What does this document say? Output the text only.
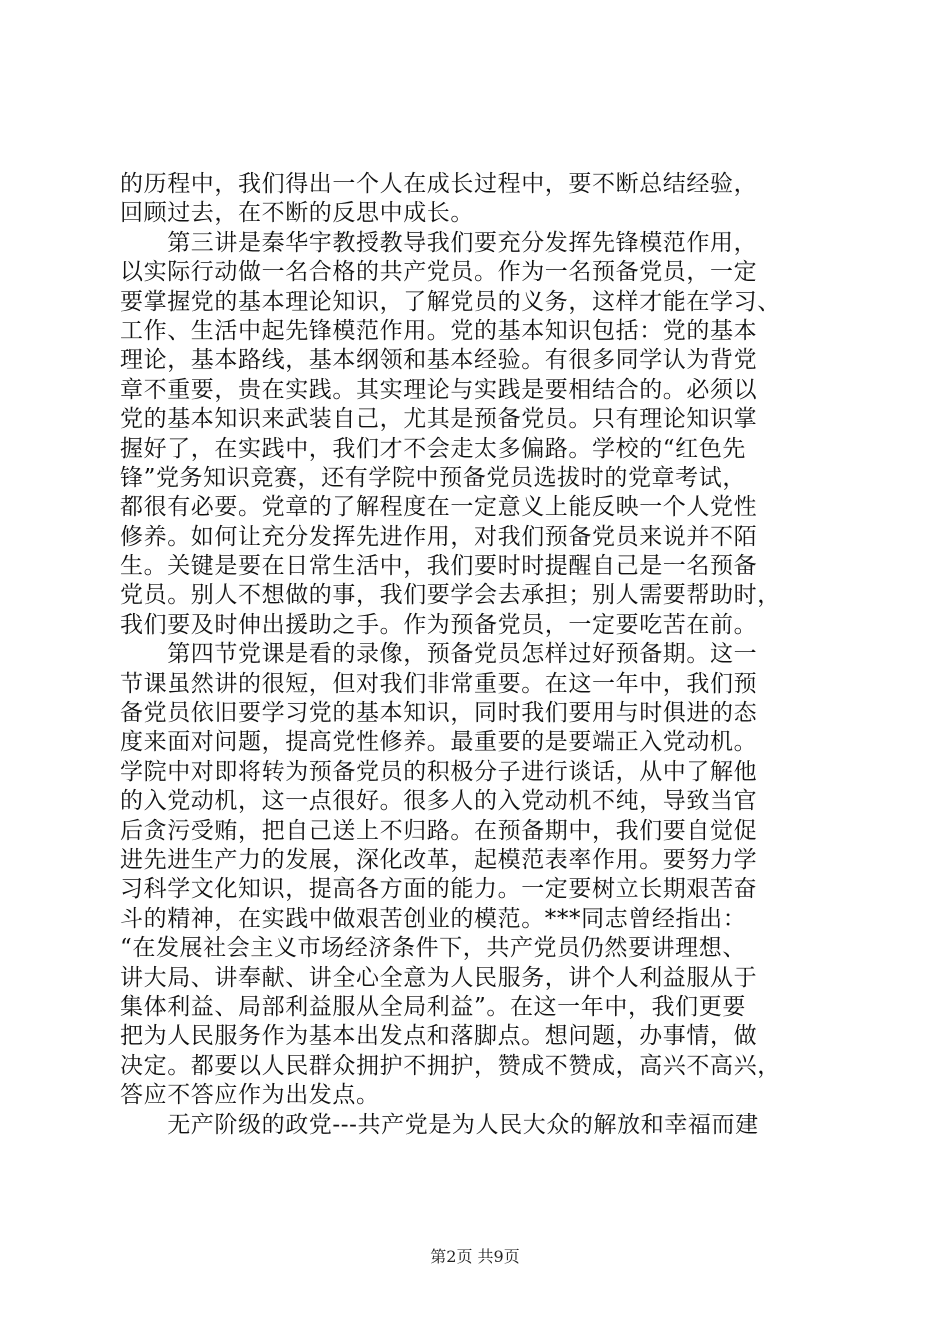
的历程中，我们得出一个人在成长过程中，要不断总结经验，
回顾过去，在不断的反思中成长。
　　第三讲是秦华宇教授教导我们要充分发挥先锋模范作用，
以实际行动做一名合格的共产党员。作为一名预备党员，一定
要掌握党的基本理论知识，了解党员的义务，这样才能在学习、
工作、生活中起先锋模范作用。党的基本知识包括：党的基本
理论，基本路线，基本纲领和基本经验。有很多同学认为背党
章不重要，贵在实践。其实理论与实践是要相结合的。必须以
党的基本知识来武装自己，尤其是预备党员。只有理论知识掌
握好了，在实践中，我们才不会走太多偏路。学校的“红色先
锋”党务知识竞赛，还有学院中预备党员选拔时的党章考试，
都很有必要。党章的了解程度在一定意义上能反映一个人党性
修养。如何让充分发挥先进作用，对我们预备党员来说并不陌
生。关键是要在日常生活中，我们要时时提醒自己是一名预备
党员。别人不想做的事，我们要学会去承担；别人需要帮助时，
我们要及时伸出援助之手。作为预备党员，一定要吃苦在前。
　　第四节党课是看的录像，预备党员怎样过好预备期。这一
节课虽然讲的很短，但对我们非常重要。在这一年中，我们预
备党员依旧要学习党的基本知识，同时我们要用与时俱进的态
度来面对问题，提高党性修养。最重要的是要端正入党动机。
学院中对即将转为预备党员的积极分子进行谈话，从中了解他
的入党动机，这一点很好。很多人的入党动机不纯，导致当官
后贪污受贿，把自己送上不归路。在预备期中，我们要自觉促
进先进生产力的发展，深化改革，起模范表率作用。要努力学
习科学文化知识，提高各方面的能力。一定要树立长期艰苦奋
斗的精神，在实践中做艰苦创业的模范。***同志曾经指出：
“在发展社会主义市场经济条件下，共产党员仍然要讲理想、
讲大局、讲奉献、讲全心全意为人民服务，讲个人利益服从于
集体利益、局部利益服从全局利益”。在这一年中，我们更要
把为人民服务作为基本出发点和落脚点。想问题，办事情，做
决定。都要以人民群众拥护不拥护，赞成不赞成，高兴不高兴，
答应不答应作为出发点。
　　无产阶级的政党---共产党是为人民大众的解放和幸福而建
第2页 共9页
